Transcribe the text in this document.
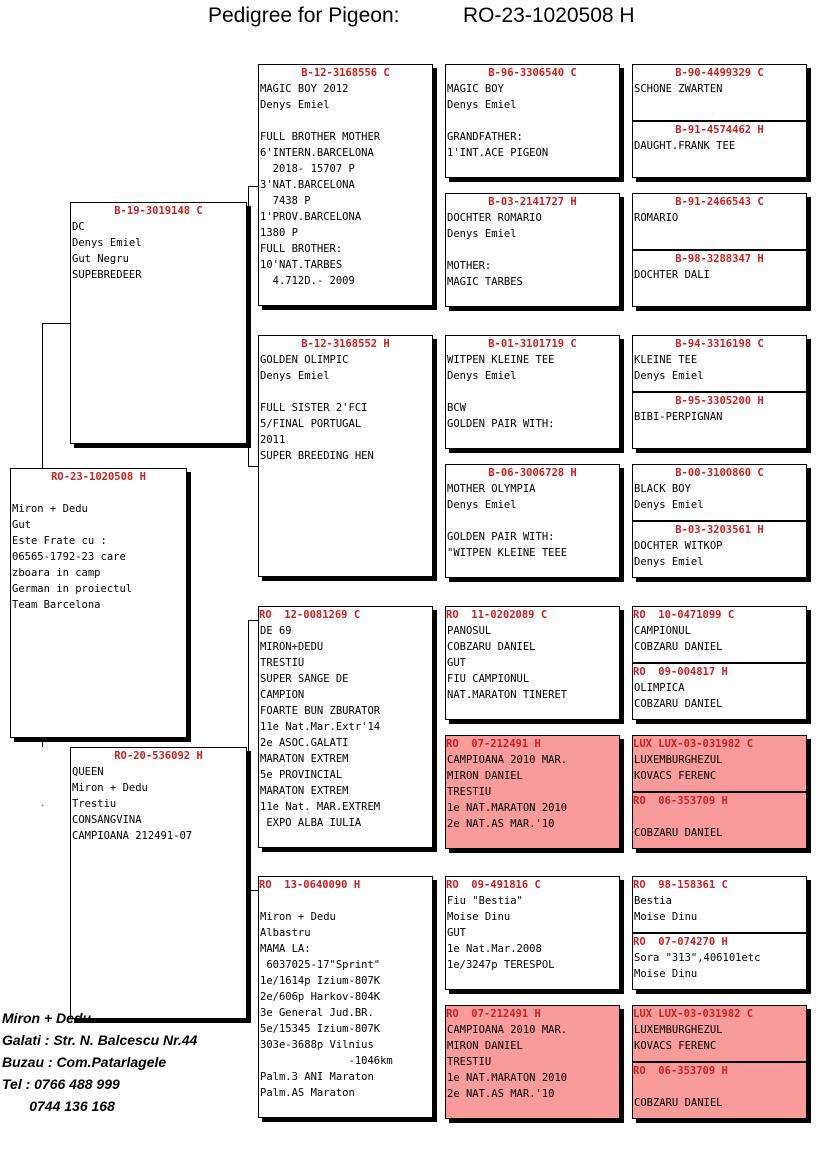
Pedigree for Pigeon:	RO-23-1020508 H
RO-23-1020508 H
Miron + Dedu
Gut
Este Frate cu :
06565-1792-23 care
zboara in camp
German in proiectul
Team Barcelona
B-19-3019148 C
DC
Denys Emiel
Gut Negru
SUPEBREDEER
RO-20-536092 H
QUEEN
Miron + Dedu
Trestiu
CONSANGVINA
CAMPIOANA 212491-07
B-12-3168556 C
MAGIC BOY 2012
Denys Emiel
FULL BROTHER MOTHER
6'INTERN.BARCELONA
2018- 15707 P
3'NAT.BARCELONA
7438 P
1'PROV.BARCELONA
1380 P
FULL BROTHER:
10'NAT.TARBES
4.712D.- 2009
B-12-3168552 H
GOLDEN OLIMPIC
Denys Emiel
FULL SISTER 2'FCI
5/FINAL PORTUGAL
2011
SUPER BREEDING HEN
RO  12-0081269 C
DE 69
MIRON+DEDU
TRESTIU
SUPER SANGE DE
CAMPION
FOARTE BUN ZBURATOR
11e Nat.Mar.Extr'14
2e ASOC.GALATI
MARATON EXTREM
5e PROVINCIAL
MARATON EXTREM
11e Nat. MAR.EXTREM
EXPO ALBA IULIA
RO  13-0640090 H
Miron + Dedu
Albastru
MAMA LA:
6037025-17"Sprint"
1e/1614p Izium-807K
2e/606p Harkov-804K
3e General Jud.BR.
5e/15345 Izium-807K
303e-3688p Vilnius
-1046km
Palm.3 ANI Maraton
Palm.AS Maraton
B-96-3306540 C
MAGIC BOY
Denys Emiel
GRANDFATHER:
1'INT.ACE PIGEON
B-03-2141727 H
DOCHTER ROMARIO
Denys Emiel
MOTHER:
MAGIC TARBES
B-01-3101719 C
WITPEN KLEINE TEE
Denys Emiel
BCW
GOLDEN PAIR WITH:
B-06-3006728 H
MOTHER OLYMPIA
Denys Emiel
GOLDEN PAIR WITH:
"WITPEN KLEINE TEEE
RO  11-0202089 C
PANOSUL
COBZARU DANIEL
GUT
FIU CAMPIONUL
NAT.MARATON TINERET
RO  07-212491 H
CAMPIOANA 2010 MAR.
MIRON DANIEL
TRESTIU
1e NAT.MARATON 2010
2e NAT.AS MAR.'10
RO  09-491816 C
Fiu "Bestia"
Moise Dinu
GUT
1e Nat.Mar.2008
1e/3247p TERESPOL
RO  07-212491 H
CAMPIOANA 2010 MAR.
MIRON DANIEL
TRESTIU
1e NAT.MARATON 2010
2e NAT.AS MAR.'10
B-90-4499329 C
SCHONE ZWARTEN
B-91-4574462 H
DAUGHT.FRANK TEE
B-91-2466543 C
ROMARIO
B-98-3288347 H
DOCHTER DALI
B-94-3316198 C
KLEINE TEE
Denys Emiel
B-95-3305200 H
BIBI-PERPIGNAN
B-00-3100860 C
BLACK BOY
Denys Emiel
B-03-3203561 H
DOCHTER WITKOP
Denys Emiel
RO  10-0471099 C
CAMPIONUL
COBZARU DANIEL
RO  09-004817 H
OLIMPICA
COBZARU DANIEL
LUX LUX-03-031982 C
LUXEMBURGHEZUL
KOVACS FERENC
RO  06-353709 H
COBZARU DANIEL
RO  98-158361 C
Bestia
Moise Dinu
RO  07-074270 H
Sora "313",406101etc
Moise Dinu
LUX LUX-03-031982 C
LUXEMBURGHEZUL
KOVACS FERENC
RO  06-353709 H
COBZARU DANIEL
Miron + Dedu
Galati : Str. N. Balcescu Nr.44
Buzau : Com.Patarlagele
Tel : 0766 488 999
0744 136 168
